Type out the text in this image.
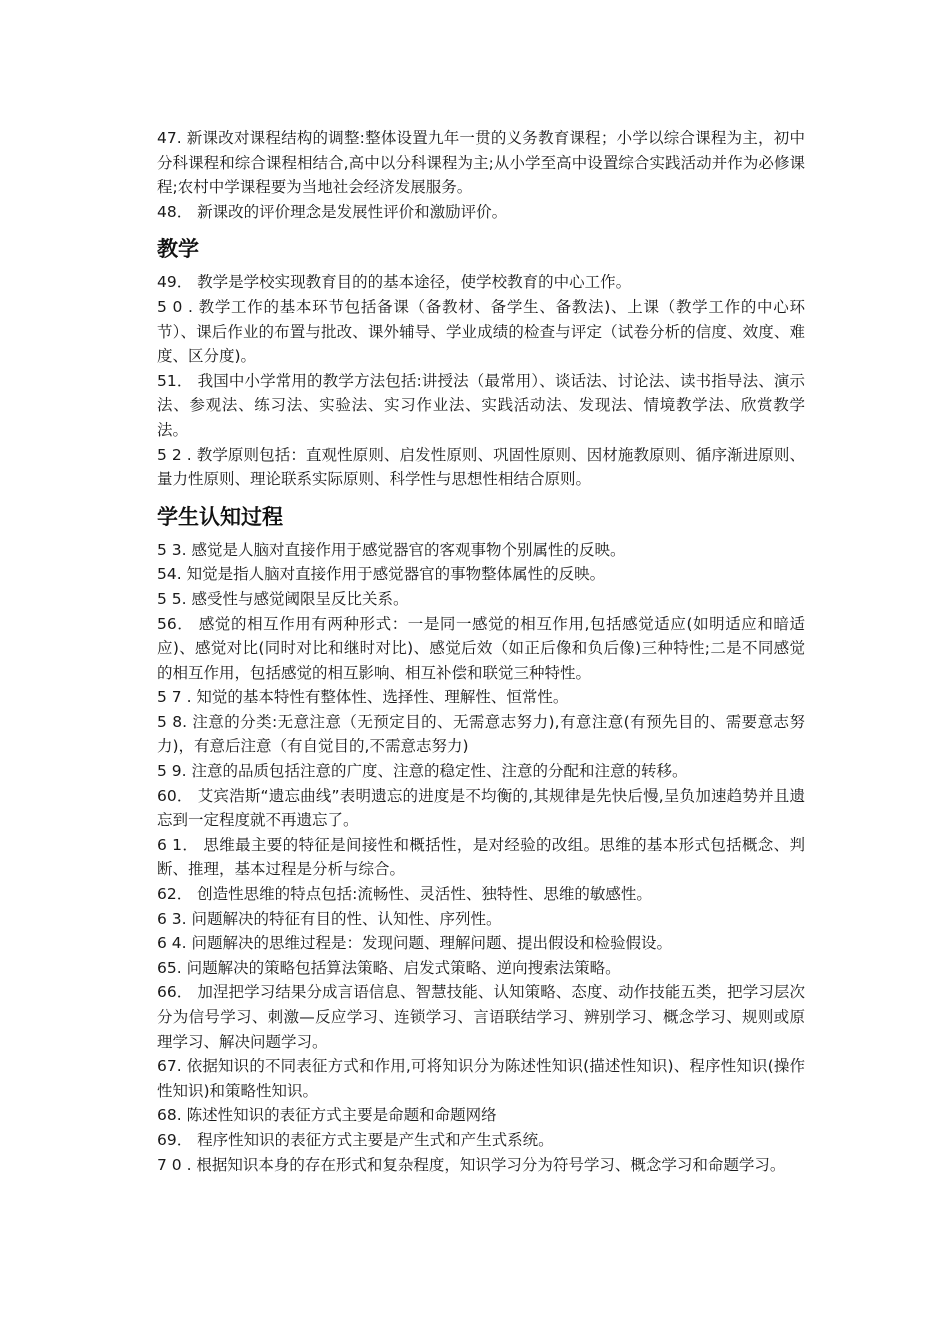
47. 新课改对课程结构的调整:整体设置九年一贯的义务教育课程；小学以综合课程为主，初中分科课程和综合课程相结合,高中以分科课程为主;从小学至高中设置综合实践活动并作为必修课程;农村中学课程要为当地社会经济发展服务。

48． 新课改的评价理念是发展性评价和激励评价。

教学

49． 教学是学校实现教育目的的基本途径，使学校教育的中心工作。

5 0 . 教学工作的基本环节包括备课（备教材、备学生、备教法)、上课（教学工作的中心环节）、课后作业的布置与批改、课外辅导、学业成绩的检查与评定（试卷分析的信度、效度、难度、区分度)。

51． 我国中小学常用的教学方法包括:讲授法（最常用）、谈话法、讨论法、读书指导法、演示法、参观法、练习法、实验法、实习作业法、实践活动法、发现法、情境教学法、欣赏教学法。

5 2 . 教学原则包括：直观性原则、启发性原则、巩固性原则、因材施教原则、循序渐进原则、量力性原则、理论联系实际原则、科学性与思想性相结合原则。

学生认知过程

5 3. 感觉是人脑对直接作用于感觉器官的客观事物个别属性的反映。

54. 知觉是指人脑对直接作用于感觉器官的事物整体属性的反映。

5 5. 感受性与感觉阈限呈反比关系。

56． 感觉的相互作用有两种形式：一是同一感觉的相互作用,包括感觉适应(如明适应和暗适应)、感觉对比(同时对比和继时对比)、感觉后效（如正后像和负后像)三种特性;二是不同感觉的相互作用，包括感觉的相互影响、相互补偿和联觉三种特性。

5 7 . 知觉的基本特性有整体性、选择性、理解性、恒常性。

5 8. 注意的分类:无意注意（无预定目的、无需意志努力),有意注意(有预先目的、需要意志努力)，有意后注意（有自觉目的,不需意志努力)

5 9. 注意的品质包括注意的广度、注意的稳定性、注意的分配和注意的转移。

60． 艾宾浩斯“遗忘曲线”表明遗忘的进度是不均衡的,其规律是先快后慢,呈负加速趋势并且遗忘到一定程度就不再遗忘了。

6 1． 思维最主要的特征是间接性和概括性，是对经验的改组。思维的基本形式包括概念、判断、推理，基本过程是分析与综合。

62． 创造性思维的特点包括:流畅性、灵活性、独特性、思维的敏感性。

6 3. 问题解决的特征有目的性、认知性、序列性。

6 4. 问题解决的思维过程是：发现问题、理解问题、提出假设和检验假设。

65. 问题解决的策略包括算法策略、启发式策略、逆向搜索法策略。

66． 加涅把学习结果分成言语信息、智慧技能、认知策略、态度、动作技能五类，把学习层次分为信号学习、刺激—反应学习、连锁学习、言语联结学习、辨别学习、概念学习、规则或原理学习、解决问题学习。

67. 依据知识的不同表征方式和作用,可将知识分为陈述性知识(描述性知识)、程序性知识(操作性知识)和策略性知识。

68. 陈述性知识的表征方式主要是命题和命题网络

69． 程序性知识的表征方式主要是产生式和产生式系统。

7 0 . 根据知识本身的存在形式和复杂程度，知识学习分为符号学习、概念学习和命题学习。
